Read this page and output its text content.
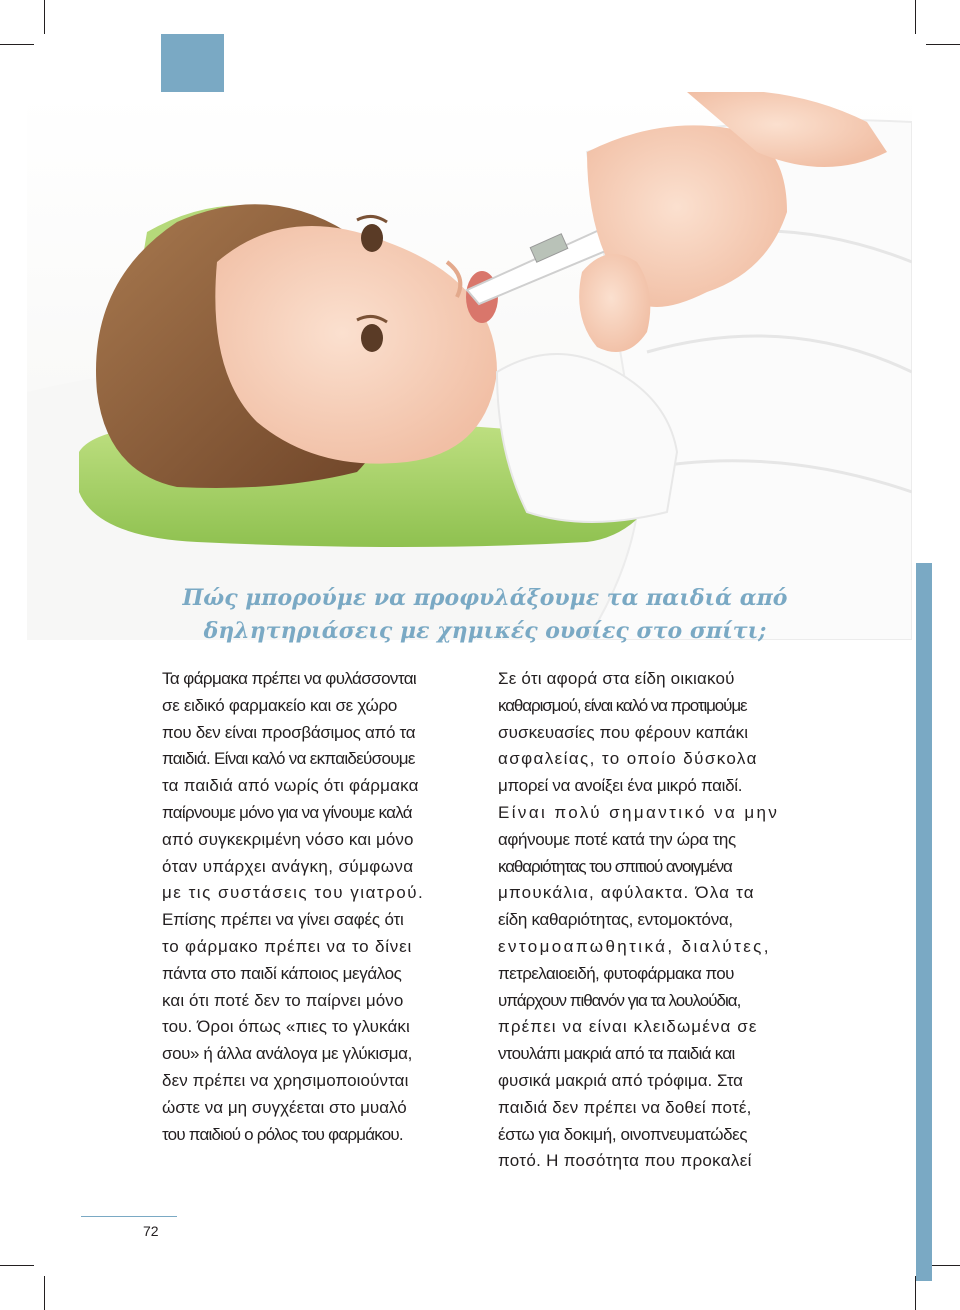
Πώς μπορούμε να προφυλάξουμε τα παιδιά από
δηλητηριάσεις με χημικές ουσίες στο σπίτι;
Τα φάρμακα πρέπει να φυλάσσονται
σε ειδικό φαρμακείο και σε χώρο
που δεν είναι προσβάσιμος από τα
παιδιά. Είναι καλό να εκπαιδεύσουμε
τα παιδιά από νωρίς ότι φάρμακα
παίρνουμε μόνο για να γίνουμε καλά
από συγκεκριμένη νόσο και μόνο
όταν υπάρχει ανάγκη, σύμφωνα
με τις συστάσεις του γιατρού.
Επίσης πρέπει να γίνει σαφές ότι
το φάρμακο πρέπει να το δίνει
πάντα στο παιδί κάποιος μεγάλος
και ότι ποτέ δεν το παίρνει μόνο
του. Όροι όπως «πιες το γλυκάκι
σου» ή άλλα ανάλογα με γλύκισμα,
δεν πρέπει να χρησιμοποιούνται
ώστε να μη συγχέεται στο μυαλό
του παιδιού ο ρόλος του φαρμάκου.
Σε ότι αφορά στα είδη οικιακού
καθαρισμού, είναι καλό να προτιμούμε
συσκευασίες που φέρουν καπάκι
ασφαλείας, το οποίο δύσκολα
μπορεί να ανοίξει ένα μικρό παιδί.
Είναι πολύ σημαντικό να μην
αφήνουμε ποτέ κατά την ώρα της
καθαριότητας του σπιτιού ανοιγμένα
μπουκάλια, αφύλακτα. Όλα τα
είδη καθαριότητας, εντομοκτόνα,
εντομοαπωθητικά, διαλύτες,
πετρελαιοειδή, φυτοφάρμακα που
υπάρχουν πιθανόν για τα λουλούδια,
πρέπει να είναι κλειδωμένα σε
ντουλάπι μακριά από τα παιδιά και
φυσικά μακριά από τρόφιμα. Στα
παιδιά δεν πρέπει να δοθεί ποτέ,
έστω για δοκιμή, οινοπνευματώδες
ποτό. Η ποσότητα που προκαλεί
72
